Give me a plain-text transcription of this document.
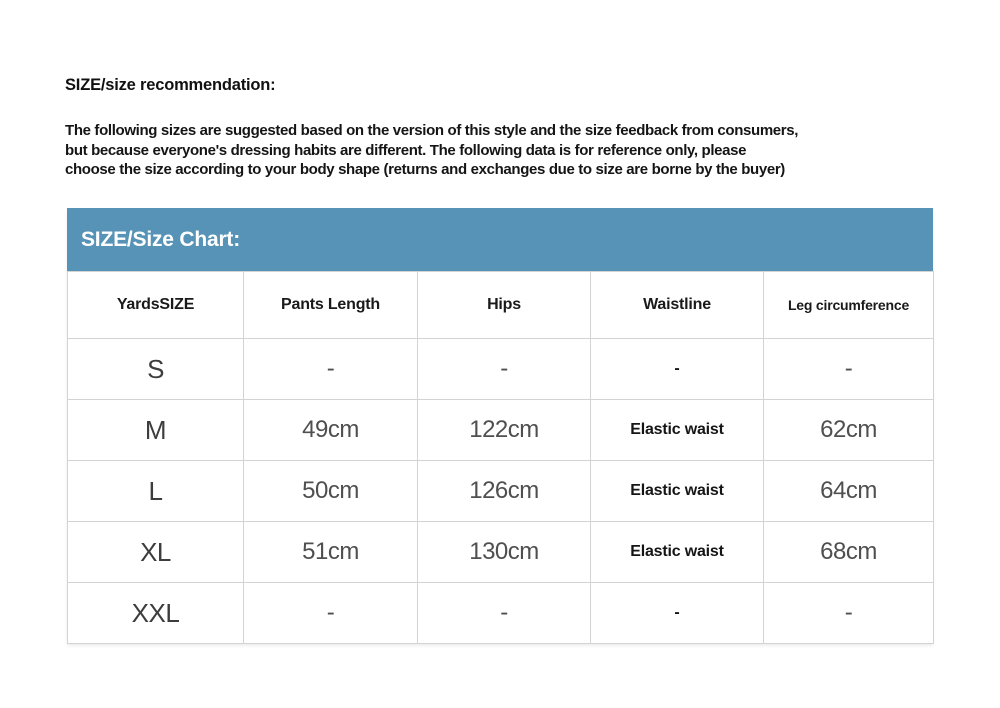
SIZE/size recommendation:
The following sizes are suggested based on the version of this style and the size feedback from consumers,
but because everyone's dressing habits are different. The following data is for reference only, please
choose the size according to your body shape (returns and exchanges due to size are borne by the buyer)
SIZE/Size Chart:
YardsSIZE	Pants Length	Hips	Waistline	Leg circumference
S	-	-	-	-
M	49cm	122cm	Elastic waist	62cm
L	50cm	126cm	Elastic waist	64cm
XL	51cm	130cm	Elastic waist	68cm
XXL	-	-	-	-
